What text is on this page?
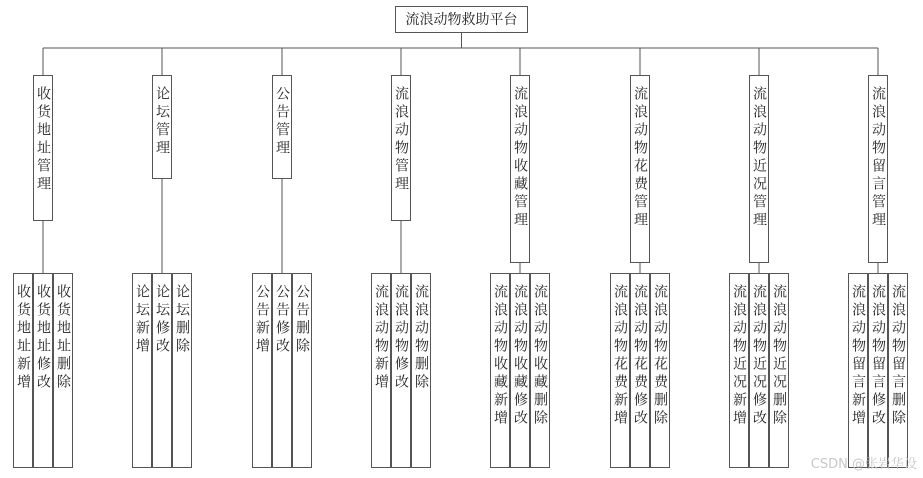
流浪动物救助平台
收货地址管理
收货地址新增 收货地址修改 收货地址删除
论坛管理
论坛新增 论坛修改 论坛删除
公告管理
公告新增 公告修改 公告删除
流浪动物管理
流浪动物新增 流浪动物修改 流浪动物删除
流浪动物收藏管理
流浪动物收藏新增 流浪动物收藏修改 流浪动物收藏删除
流浪动物花费管理
流浪动物花费新增 流浪动物花费修改 流浪动物花费删除
流浪动物近况管理
流浪动物近况新增 流浪动物近况修改 流浪动物近况删除
流浪动物留言管理
流浪动物留言新增 流浪动物留言修改 流浪动物留言删除
CSDN @张岩华设
